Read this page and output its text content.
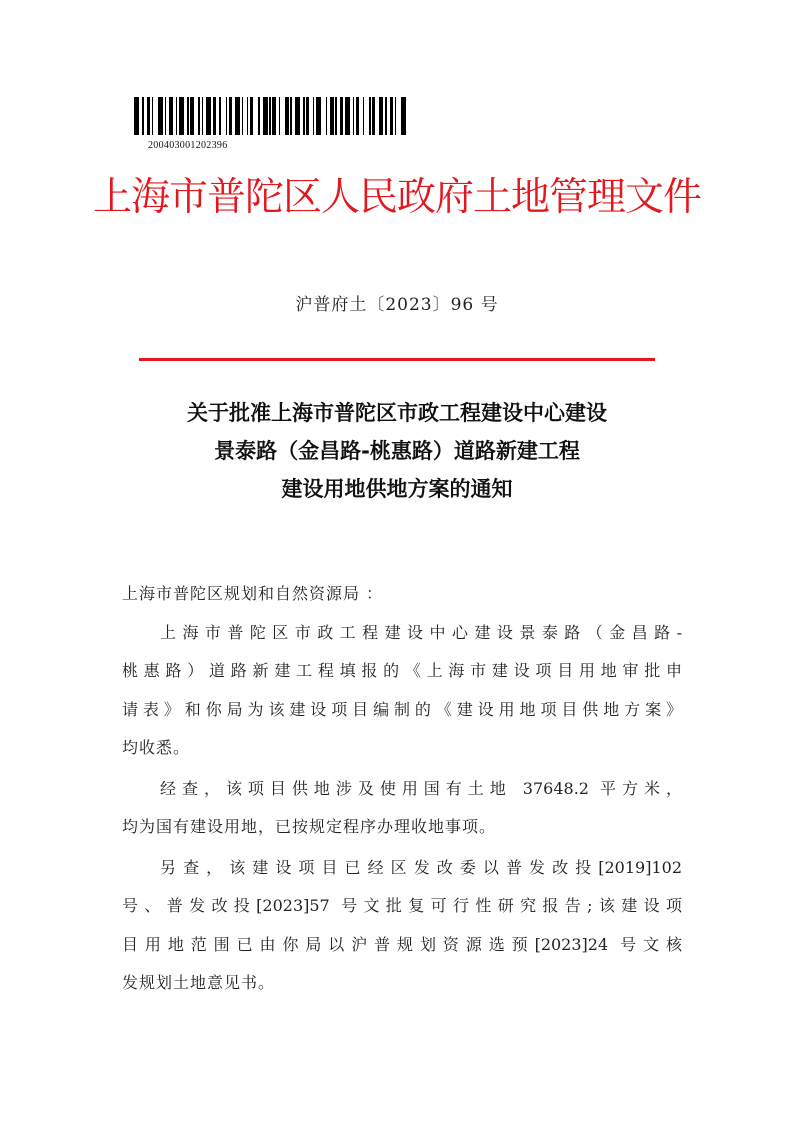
200403001202396
上海市普陀区人民政府土地管理文件
沪普府土〔2023〕96 号
关于批准上海市普陀区市政工程建设中心建设
景泰路（金昌路-桃惠路）道路新建工程
建设用地供地方案的通知
上海市普陀区规划和自然资源局 ：
上海市普陀区市政工程建设中心建设景泰路（金昌路-
桃惠路）道路新建工程填报的《上海市建设项目用地审批申
请表》和你局为该建设项目编制的《建设用地项目供地方案》
均收悉。
经查，该项目供地涉及使用国有土地 37648.2 平方米，
均为国有建设用地，已按规定程序办理收地事项。
另查，该建设项目已经区发改委以普发改投[2019]102
号、普发改投[2023]57 号文批复可行性研究报告;该建设项
目用地范围已由你局以沪普规划资源选预[2023]24 号文核
发规划土地意见书。
